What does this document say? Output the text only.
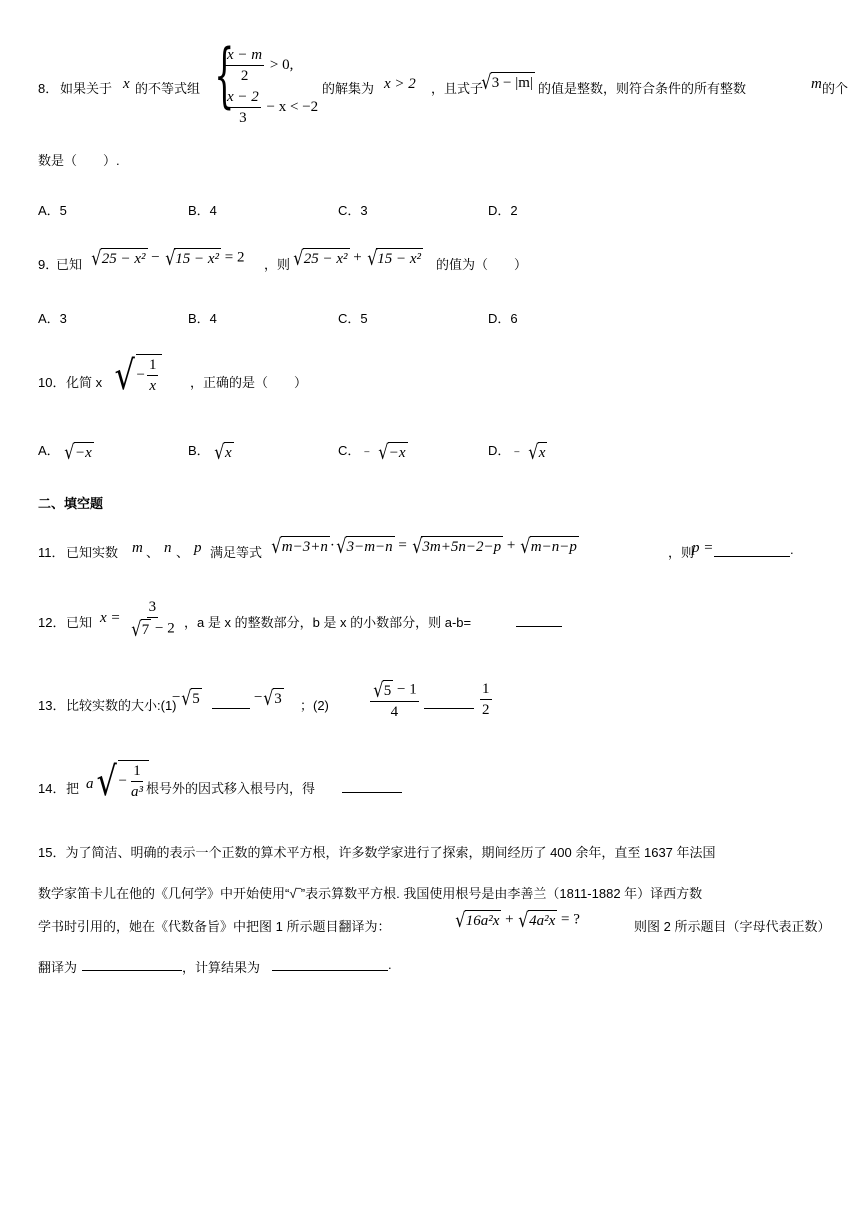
8． 如果关于 x 的不等式组 {
$\frac{x - m}{2} > 0$,
$\frac{x - 2}{3} - x < -2$
的解集为 x > 2 ，且式子
√ 3 − |m| 的值是整数，则符合条件的所有整数	m 的个
数是（　　）.
A．5	B．4	C．3	D．2
9．
已知 √ 25 − x² − √ 15 − x² = 2 ，则 √ 25 − x² + √ 15 − x² 的值为（　　）
A．3	B．4	C．5	D．6
10． 化简 x √ − $\frac{1}{x}$ ，正确的是（　　）
A． √ −x	B． √ x	C．﹣ √ −x	D．﹣ √ x
二、填空题
11． 已知实数 m 、 n 、 p 满足等式 √ m−3+n · √ 3−m−n = √ 3m+5n−2−p + √ m−n−p	，则
p =	.
12． 已知 $x = \frac{3}{√ 7 - 2}$ ，a 是 x 的整数部分，b 是 x 的小数部分，则 a-b=
13． 比较实数的大小:(1)
− √ 5	− √ 3 ；$(2) \frac{√ 5 - 1}{4}$	$\frac{1}{2}$
14． 把 a √ − $\frac{1}{\text{a³}}$ 根号外的因式移入根号内，得
15．为了简洁、明确的表示一个正数的算术平方根，许多数学家进行了探索，期间经历了 400 余年，直至 1637 年法国
数学家笛卡儿在他的《几何学》中开始使用“√‾”表示算数平方根. 我国使用根号是由李善兰（1811-1882 年）译西方数
学书时引用的，她在《代数备旨》中把图 1 所示题目翻译为：	√ 16a²x + √ 4a²x = ?	则图 2 所示题目（字母代表正数）
翻译为	，计算结果为	.
